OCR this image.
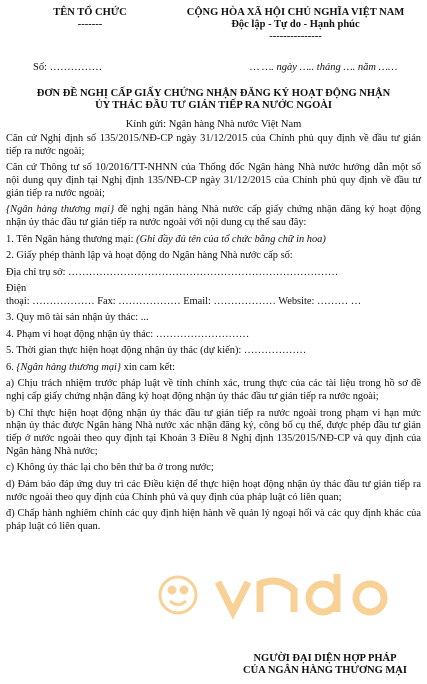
TÊN TỔ CHỨC
-------
CỘNG HÒA XÃ HỘI CHỦ NGHĨA VIỆT NAM
Độc lập - Tự do - Hạnh phúc
---------------
Số: ……………	… …. ngày ….. tháng …. năm ……
ĐƠN ĐỀ NGHỊ CẤP GIẤY CHỨNG NHẬN ĐĂNG KÝ HOẠT ĐỘNG NHẬN
ỦY THÁC ĐẦU TƯ GIÁN TIẾP RA NƯỚC NGOÀI
Kính gửi: Ngân hàng Nhà nước Việt Nam

Căn cứ Nghị định số 135/2015/NĐ-CP ngày 31/12/2015 của Chính phủ quy định về đầu tư gián tiếp ra nước ngoài;

Căn cứ Thông tư số 10/2016/TT-NHNN của Thống đốc Ngân hàng Nhà nước hướng dẫn một số nội dung quy định tại Nghị định 135/NĐ-CP ngày 31/12/2015 của Chính phủ quy định về đầu tư gián tiếp ra nước ngoài;

{Ngân hàng thương mại} đề nghị ngân hàng Nhà nước cấp giấy chứng nhận đăng ký hoạt động nhận ủy thác đầu tư gián tiếp ra nước ngoài với nội dung cụ thể sau đây:

1. Tên Ngân hàng thương mại: (Ghi đầy đủ tên của tổ chức bằng chữ in hoa)

2. Giấy phép thành lập và hoạt động do Ngân hàng Nhà nước cấp số:

Địa chỉ trụ sở: ……………………………………………………………………

Điện

thoại: ……………… Fax: ……………… Email: ……………… Website: ……… …

3. Quy mô tài sản nhận ủy thác: ...

4. Phạm vi hoạt động nhận ủy thác: ………………………

5. Thời gian thực hiện hoạt động nhận ủy thác (dự kiến): ………………

6. {Ngân hàng thương mại} xin cam kết:

a) Chịu trách nhiệm trước pháp luật về tính chính xác, trung thực của các tài liệu trong hồ sơ đề nghị cấp giấy chứng nhận đăng ký hoạt động nhận ủy thác đầu tư gián tiếp ra nước ngoài;

b) Chỉ thực hiện hoạt động nhận ủy thác đầu tư gián tiếp ra nước ngoài trong phạm vi hạn mức nhận ủy thác được Ngân hàng Nhà nước xác nhận đăng ký, công bố cụ thể, được phép đầu tư gián tiếp ở nước ngoài theo quy định tại Khoản 3 Điều 8 Nghị định 135/2015/NĐ-CP và quy định của Ngân hàng Nhà nước;

c) Không ủy thác lại cho bên thứ ba ở trong nước;

d) Đảm bảo đáp ứng duy trì các Điều kiện để thực hiện hoạt động nhận ủy thác đầu tư gián tiếp ra nước ngoài theo quy định của Chính phủ và quy định của pháp luật có liên quan;

đ) Chấp hành nghiêm chỉnh các quy định hiện hành về quản lý ngoại hối và các quy định khác của pháp luật có liên quan.

NGƯỜI ĐẠI DIỆN HỢP PHÁP
CỦA NGÂN HÀNG THƯƠNG MẠI
